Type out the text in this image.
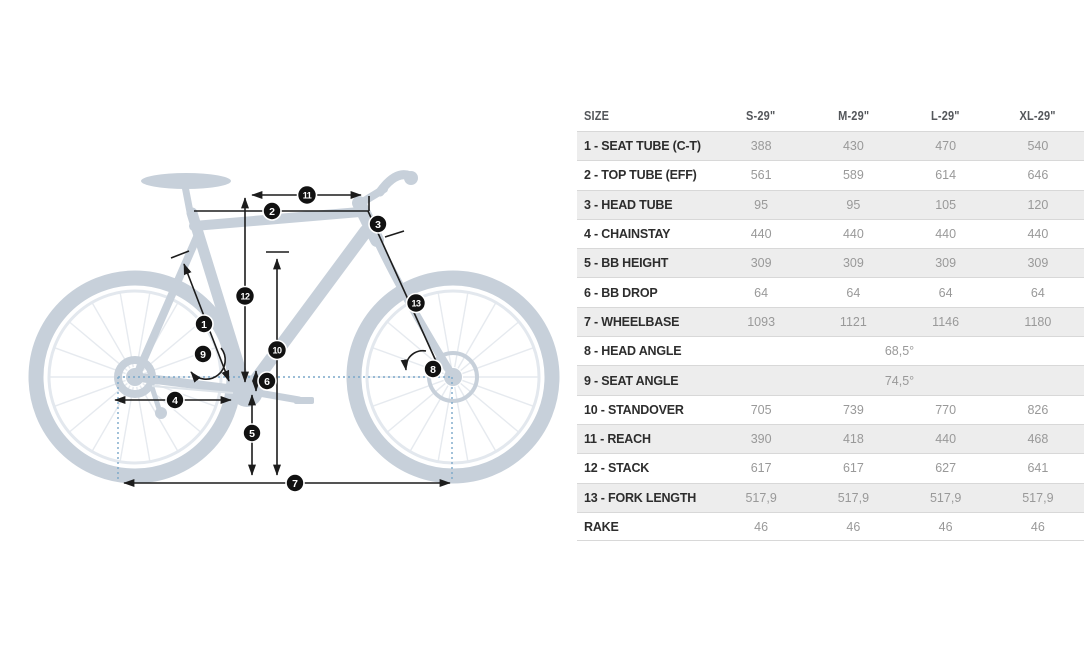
1
2
3
4
5
6
7
8
9	10
11
12
13
SIZE	S-29"	M-29"	L-29"	XL-29"
1 - SEAT TUBE (C-T)	388	430	470	540
2 - TOP TUBE (EFF)	561	589	614	646
3 - HEAD TUBE	95	95	105	120
4 - CHAINSTAY	440	440	440	440
5 - BB HEIGHT	309	309	309	309
6 - BB DROP	64	64	64	64
7 - WHEELBASE	1093	1121	1146	1180
8 - HEAD ANGLE	68,5°
9 - SEAT ANGLE	74,5°
10 - STANDOVER	705	739	770	826
11 - REACH	390	418	440	468
12 - STACK	617	617	627	641
13 - FORK LENGTH	517,9	517,9	517,9	517,9
RAKE	46	46	46	46
